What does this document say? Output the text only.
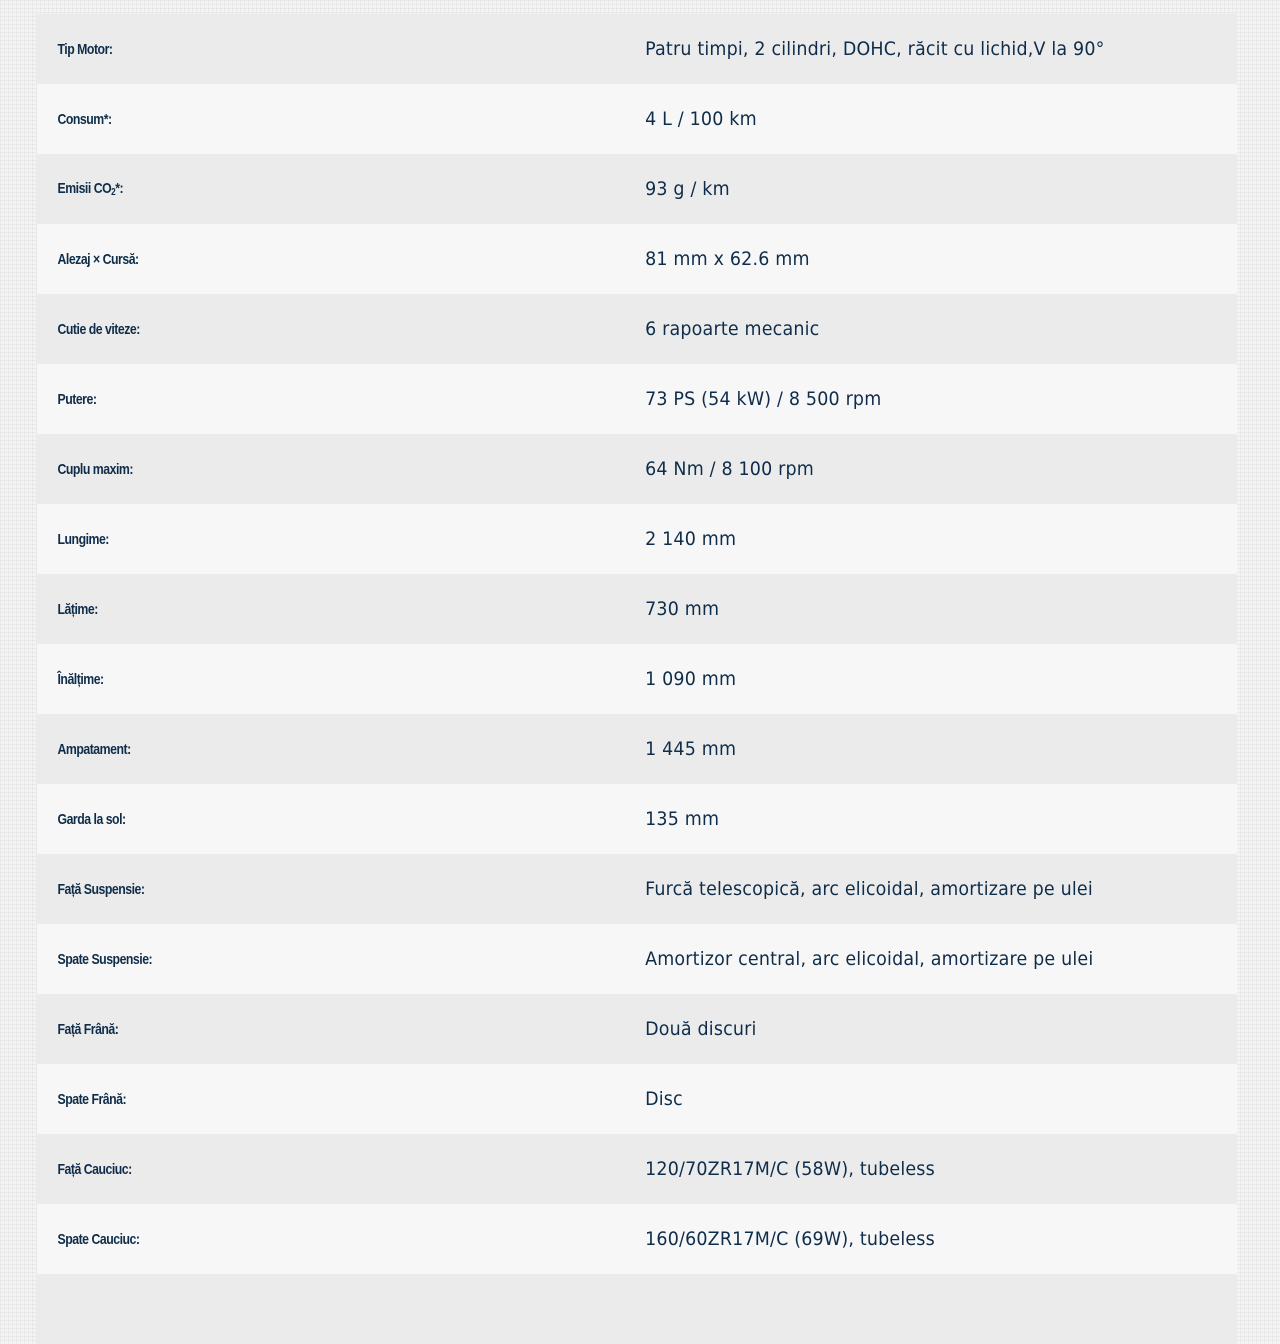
Tip Motor:	Patru timpi, 2 cilindri, DOHC, răcit cu lichid,V la 90°
Consum*:	4 L / 100 km
Emisii $CO_2*$:	93 g / km
Alezaj × Cursă:	81 mm x 62.6 mm
Cutie de viteze:	6 rapoarte mecanic
Putere:	73 PS (54 kW) / 8 500 rpm
Cuplu maxim:	64 Nm / 8 100 rpm
Lungime:	2 140 mm
Lățime:	730 mm
Înălțime:	1 090 mm
Ampatament:	1 445 mm
Garda la sol:	135 mm
Față Suspensie:	Furcă telescopică, arc elicoidal, amortizare pe ulei
Spate Suspensie:	Amortizor central, arc elicoidal, amortizare pe ulei
Față Frână:	Două discuri
Spate Frână:	Disc
Față Cauciuc:	120/70ZR17M/C (58W), tubeless
Spate Cauciuc:	160/60ZR17M/C (69W), tubeless
